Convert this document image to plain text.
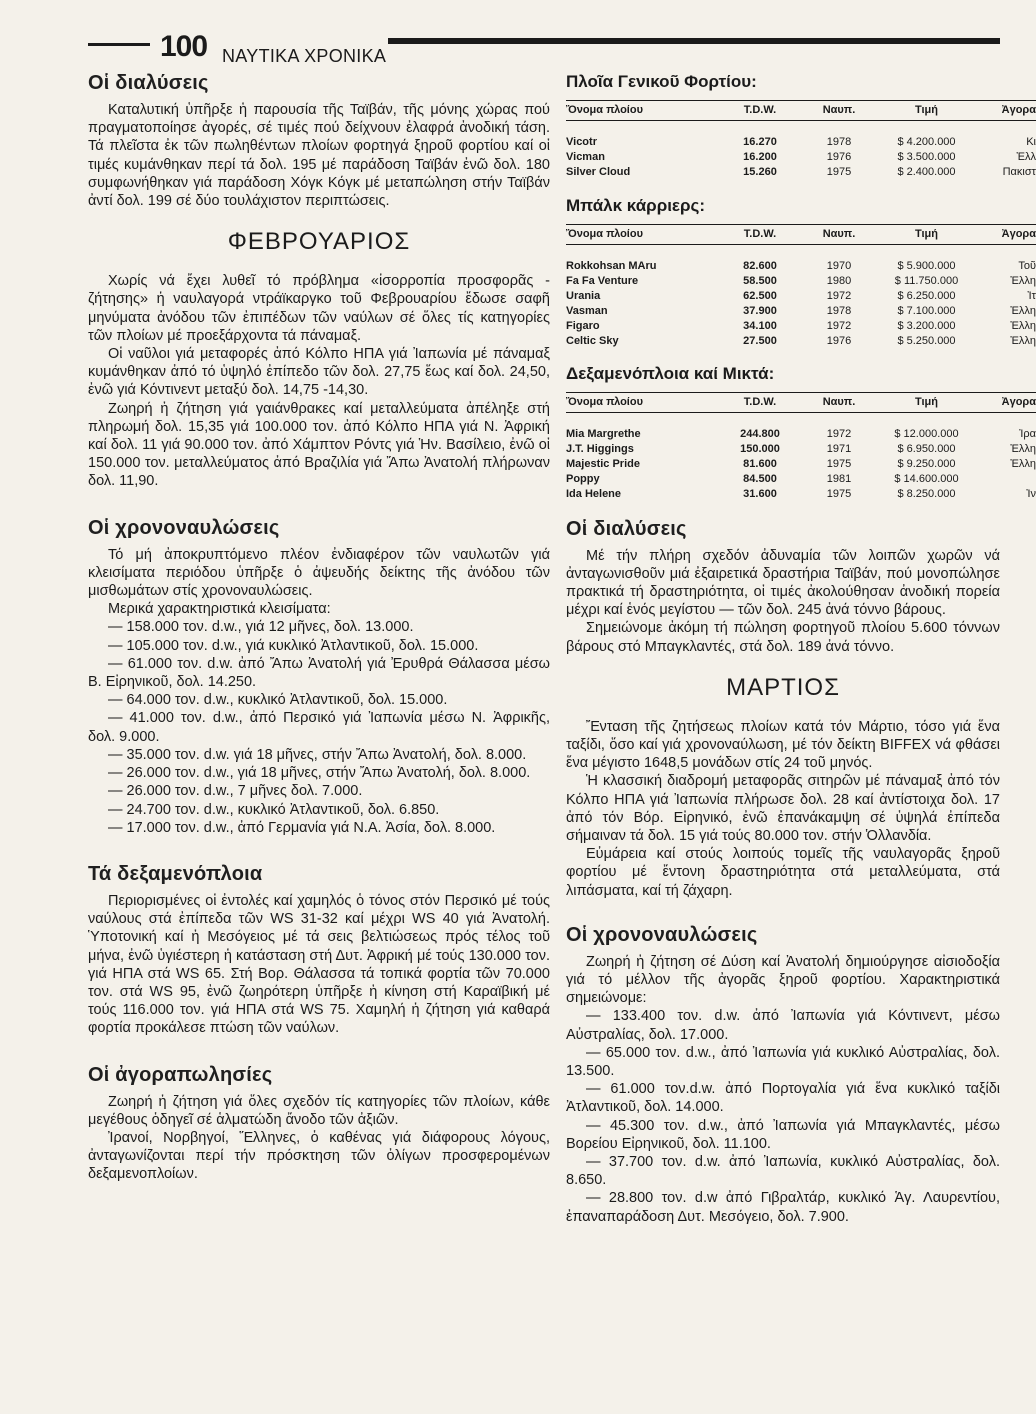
100 ΝΑΥΤΙΚΑ ΧΡΟΝΙΚΑ
Οἱ διαλύσεις

Καταλυτική ὑπῆρξε ἡ παρουσία τῆς Ταϊβάν, τῆς μόνης χώρας πού πραγματοποίησε ἀγορές, σέ τιμές πού δείχνουν ἐλαφρά ἀνοδική τάση. Τά πλεῖστα ἐκ τῶν πωληθέντων πλοίων φορτηγά ξηροῦ φορτίου καί οἱ τιμές κυμάνθηκαν περί τά δολ. 195 μέ παράδοση Ταϊβάν ἐνῶ δολ. 180 συμφωνήθηκαν γιά παράδοση Χόγκ Κόγκ μέ μεταπώληση στήν Ταϊβάν ἀντί δολ. 199 σέ δύο τουλάχιστον περιπτώσεις.

ΦΕΒΡΟΥΑΡΙΟΣ

Χωρίς νά ἔχει λυθεῖ τό πρόβλημα «ἰσορροπία προσφορᾶς - ζήτησης» ἡ ναυλαγορά ντράϊκαργκο τοῦ Φεβρουαρίου ἔδωσε σαφῆ μηνύματα ἀνόδου τῶν ἐπιπέδων τῶν ναύλων σέ ὅλες τίς κατηγορίες τῶν πλοίων μέ προεξάρχοντα τά πάναμαξ.

Οἱ ναῦλοι γιά μεταφορές ἀπό Κόλπο ΗΠΑ γιά Ἰαπωνία μέ πάναμαξ κυμάνθηκαν ἀπό τό ὑψηλό ἐπίπεδο τῶν δολ. 27,75 ἕως καί δολ. 24,50, ἐνῶ γιά Κόντινεντ μεταξύ δολ. 14,75 -14,30.

Ζωηρή ἡ ζήτηση γιά γαιάνθρακες καί μεταλλεύματα ἀπέληξε στή πληρωμή δολ. 15,35 γιά 100.000 τον. ἀπό Κόλπο ΗΠΑ γιά Ν. Ἀφρική καί δολ. 11 γιά 90.000 τον. ἀπό Χάμπτον Ρόντς γιά Ἡν. Βασίλειο, ἐνῶ οἱ 150.000 τον. μεταλλεύματος ἀπό Βραζιλία γιά Ἄπω Ἀνατολή πλήρωναν δολ. 11,90.

Οἱ χρονοναυλώσεις

Τό μή ἀποκρυπτόμενο πλέον ἐνδιαφέρον τῶν ναυλωτῶν γιά κλεισίματα περιόδου ὑπῆρξε ὁ ἀψευδής δείκτης τῆς ἀνόδου τῶν μισθωμάτων στίς χρονοναυλώσεις.

Μερικά χαρακτηριστικά κλεισίματα:

— 158.000 τον. d.w., γιά 12 μῆνες, δολ. 13.000.

— 105.000 τον. d.w., γιά κυκλικό Ἀτλαντικοῦ, δολ. 15.000.

— 61.000 τον. d.w. ἀπό Ἄπω Ἀνατολή γιά Ἐρυθρά Θάλασσα μέσω Β. Εἰρηνικοῦ, δολ. 14.250.

— 64.000 τον. d.w., κυκλικό Ἀτλαντικοῦ, δολ. 15.000.

— 41.000 τον. d.w., ἀπό Περσικό γιά Ἰαπωνία μέσω Ν. Ἀφρικῆς, δολ. 9.000.

— 35.000 τον. d.w. γιά 18 μῆνες, στήν Ἄπω Ἀνατολή, δολ. 8.000.

— 26.000 τον. d.w., γιά 18 μῆνες, στήν Ἄπω Ἀνατολή, δολ. 8.000.

— 26.000 τον. d.w., 7 μῆνες δολ. 7.000.

— 24.700 τον. d.w., κυκλικό Ἀτλαντικοῦ, δολ. 6.850.

— 17.000 τον. d.w., ἀπό Γερμανία γιά Ν.Α. Ἀσία, δολ. 8.000.

Τά δεξαμενόπλοια

Περιορισμένες οἱ ἐντολές καί χαμηλός ὁ τόνος στόν Περσικό μέ τούς ναύλους στά ἐπίπεδα τῶν WS 31-32 καί μέχρι WS 40 γιά Ἀνατολή. Ὑποτονική καί ἡ Μεσόγειος μέ τά σεις βελτιώσεως πρός τέλος τοῦ μήνα, ἐνῶ ὑγιέστερη ἡ κατάσταση στή Δυτ. Ἀφρική μέ τούς 130.000 τον. γιά ΗΠΑ στά WS 65. Στή Βορ. Θάλασσα τά τοπικά φορτία τῶν 70.000 τον. στά WS 95, ἐνῶ ζωηρότερη ὑπῆρξε ἡ κίνηση στή Καραϊβική μέ τούς 116.000 τον. γιά ΗΠΑ στά WS 75. Χαμηλή ἡ ζήτηση γιά καθαρά φορτία προκάλεσε πτώση τῶν ναύλων.

Οἱ ἀγοραπωλησίες

Ζωηρή ἡ ζήτηση γιά ὅλες σχεδόν τίς κατηγορίες τῶν πλοίων, κάθε μεγέθους ὁδηγεῖ σέ ἁλματώδη ἄνοδο τῶν ἀξιῶν.

Ἰρανοί, Νορβηγοί, Ἕλληνες, ὁ καθένας γιά διάφορους λόγους, ἀνταγωνίζονται περί τήν πρόσκτηση τῶν ὀλίγων προσφερομένων δεξαμενοπλοίων.

Πλοῖα Γενικοῦ Φορτίου:
Ὄνομα πλοίου	T.D.W.	Ναυπ.	Τιμή	Ἀγορα

Vicotr	16.270	1978	$ 4.200.000	Κι
Vicman	16.200	1976	$ 3.500.000	Ἑλλ
Silver Cloud	15.260	1975	$ 2.400.000	Πακιστ
Μπάλκ κάρριερς:
Ὄνομα πλοίου	T.D.W.	Ναυπ.	Τιμή	Ἀγορα

Rokkohsan MAru	82.600	1970	$ 5.900.000	Τοῦ
Fa Fa Venture	58.500	1980	$ 11.750.000	Ἑλλη
Urania	62.500	1972	$ 6.250.000	Ἰτ
Vasman	37.900	1978	$ 7.100.000	Ἑλλη
Figaro	34.100	1972	$ 3.200.000	Ἑλλη
Celtic Sky	27.500	1976	$ 5.250.000	Ἑλλη
Δεξαμενόπλοια καί Μικτά:
Ὄνομα πλοίου	T.D.W.	Ναυπ.	Τιμή	Ἀγορα

Mia Margrethe	244.800	1972	$ 12.000.000	Ἰρα
J.T. Higgings	150.000	1971	$ 6.950.000	Ἑλλη
Majestic Pride	81.600	1975	$ 9.250.000	Ἑλλη
Poppy	84.500	1981	$ 14.600.000	
Ida Helene	31.600	1975	$ 8.250.000	Ἰν
Οἱ διαλύσεις

Μέ τήν πλήρη σχεδόν ἀδυναμία τῶν λοιπῶν χωρῶν νά ἀνταγωνισθοῦν μιά ἐξαιρετικά δραστήρια Ταϊβάν, πού μονοπώλησε πρακτικά τή δραστηριότητα, οἱ τιμές ἀκολούθησαν ἀνοδική πορεία μέχρι καί ἑνός μεγίστου — τῶν δολ. 245 ἀνά τόννο βάρους.

Σημειώνομε ἀκόμη τή πώληση φορτηγοῦ πλοίου 5.600 τόννων βάρους στό Μπαγκλαντές, στά δολ. 189 ἀνά τόννο.

ΜΑΡΤΙΟΣ

Ἔνταση τῆς ζητήσεως πλοίων κατά τόν Μάρτιο, τόσο γιά ἕνα ταξίδι, ὅσο καί γιά χρονοναύλωση, μέ τόν δείκτη BIFFEX νά φθάσει ἕνα μέγιστο 1648,5 μονάδων στίς 24 τοῦ μηνός.

Ἡ κλασσική διαδρομή μεταφορᾶς σιτηρῶν μέ πάναμαξ ἀπό τόν Κόλπο ΗΠΑ γιά Ἰαπωνία πλήρωσε δολ. 28 καί ἀντίστοιχα δολ. 17 ἀπό τόν Βόρ. Εἰρηνικό, ἐνῶ ἐπανάκαμψη σέ ὑψηλά ἐπίπεδα σήμαιναν τά δολ. 15 γιά τούς 80.000 τον. στήν Ὁλλανδία.

Εὐμάρεια καί στούς λοιπούς τομεῖς τῆς ναυλαγορᾶς ξηροῦ φορτίου μέ ἔντονη δραστηριότητα στά μεταλλεύματα, στά λιπάσματα, καί τή ζάχαρη.

Οἱ χρονοναυλώσεις

Ζωηρή ἡ ζήτηση σέ Δύση καί Ἀνατολή δημιούργησε αἰσιοδοξία γιά τό μέλλον τῆς ἀγορᾶς ξηροῦ φορτίου. Χαρακτηριστικά σημειώνομε:

— 133.400 τον. d.w. ἀπό Ἰαπωνία γιά Κόντινεντ, μέσω Αὐστραλίας, δολ. 17.000.

— 65.000 τον. d.w., ἀπό Ἰαπωνία γιά κυκλικό Αὐστραλίας, δολ. 13.500.

— 61.000 τον.d.w. ἀπό Πορτογαλία γιά ἕνα κυκλικό ταξίδι Ἀτλαντικοῦ, δολ. 14.000.

— 45.300 τον. d.w., ἀπό Ἰαπωνία γιά Μπαγκλαντές, μέσω Βορείου Εἰρηνικοῦ, δολ. 11.100.

— 37.700 τον. d.w. ἀπό Ἰαπωνία, κυκλικό Αὐστραλίας, δολ. 8.650.

— 28.800 τον. d.w ἀπό Γιβραλτάρ, κυκλικό Ἁγ. Λαυρεντίου, ἐπαναπαράδοση Δυτ. Μεσόγειο, δολ. 7.900.
